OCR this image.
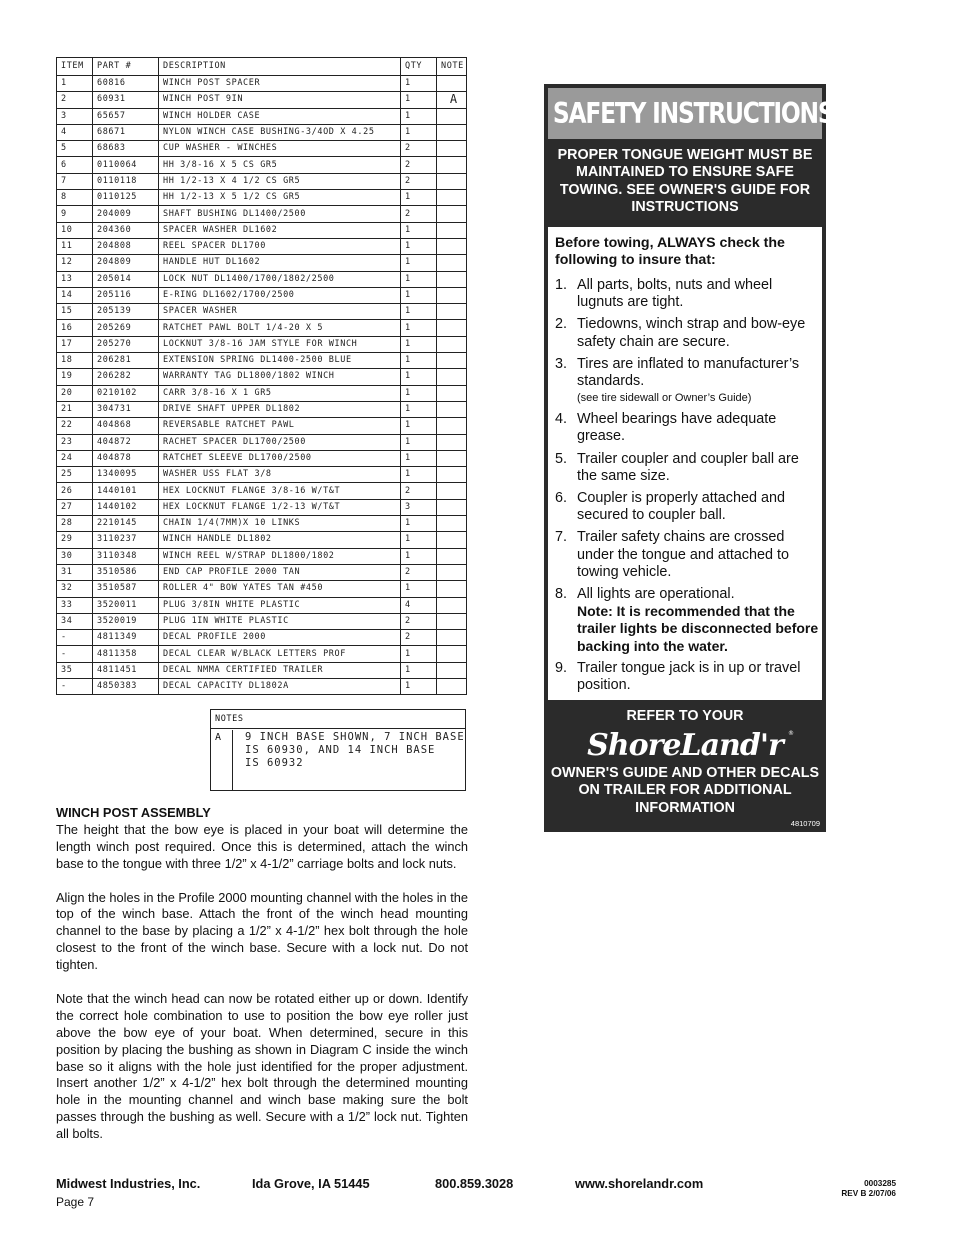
ITEM	PART #	DESCRIPTION	QTY	NOTE
1	60816	WINCH POST SPACER	1	
2	60931	WINCH POST 9IN	1	A
3	65657	WINCH HOLDER CASE	1	
4	68671	NYLON WINCH CASE BUSHING-3/4OD X 4.25	1	
5	68683	CUP WASHER - WINCHES	2	
6	0110064	HH 3/8-16 X 5 CS GR5	2	
7	0110118	HH 1/2-13 X 4 1/2 CS GR5	2	
8	0110125	HH 1/2-13 X 5 1/2 CS GR5	1	
9	204009	SHAFT BUSHING DL1400/2500	2	
10	204360	SPACER WASHER DL1602	1	
11	204808	REEL SPACER DL1700	1	
12	204809	HANDLE HUT DL1602	1	
13	205014	LOCK NUT DL1400/1700/1802/2500	1	
14	205116	E-RING DL1602/1700/2500	1	
15	205139	SPACER WASHER	1	
16	205269	RATCHET PAWL BOLT 1/4-20 X 5	1	
17	205270	LOCKNUT 3/8-16 JAM STYLE FOR WINCH	1	
18	206281	EXTENSION SPRING DL1400-2500 BLUE	1	
19	206282	WARRANTY TAG DL1800/1802 WINCH	1	
20	0210102	CARR 3/8-16 X 1 GR5	1	
21	304731	DRIVE SHAFT UPPER DL1802	1	
22	404868	REVERSABLE RATCHET PAWL	1	
23	404872	RACHET SPACER DL1700/2500	1	
24	404878	RATCHET SLEEVE DL1700/2500	1	
25	1340095	WASHER USS FLAT 3/8	1	
26	1440101	HEX LOCKNUT FLANGE 3/8-16 W/T&T	2	
27	1440102	HEX LOCKNUT FLANGE 1/2-13 W/T&T	3	
28	2210145	CHAIN 1/4(7MM)X 10 LINKS	1	
29	3110237	WINCH HANDLE DL1802	1	
30	3110348	WINCH REEL W/STRAP DL1800/1802	1	
31	3510586	END CAP PROFILE 2000 TAN	2	
32	3510587	ROLLER 4" BOW YATES TAN #450	1	
33	3520011	PLUG 3/8IN WHITE PLASTIC	4	
34	3520019	PLUG 1IN WHITE PLASTIC	2	
-	4811349	DECAL PROFILE 2000	2	
-	4811358	DECAL CLEAR W/BLACK LETTERS PROF	1	
35	4811451	DECAL NMMA CERTIFIED TRAILER	1	
-	4850383	DECAL CAPACITY DL1802A	1	
NOTES
A	9 INCH BASE SHOWN, 7 INCH BASE
IS 60930, AND 14 INCH BASE
IS 60932
WINCH POST ASSEMBLY

The height that the bow eye is placed in your boat will determine the length winch post required. Once this is determined, attach the winch base to the tongue with three 1/2” x 4-1/2” carriage bolts and lock nuts.

Align the holes in the Profile 2000 mounting channel with the holes in the top of the winch base. Attach the front of the winch head mounting channel to the base by placing a 1/2” x 4-1/2” hex bolt through the hole closest to the front of the winch base. Secure with a lock nut. Do not tighten.

Note that the winch head can now be rotated either up or down. Identify the correct hole combination to use to position the bow eye roller just above the bow eye of your boat. When determined, secure in this position by placing the bushing as shown in Diagram C inside the winch base so it aligns with the hole just identified for the proper adjustment. Insert another 1/2” x 4-1/2” hex bolt through the determined mounting hole in the mounting channel and winch base making sure the bolt passes through the bushing as well. Secure with a 1/2” lock nut. Tighten all bolts.

SAFETY INSTRUCTIONS
PROPER TONGUE WEIGHT MUST BE MAINTAINED TO ENSURE SAFE TOWING. SEE OWNER'S GUIDE FOR INSTRUCTIONS
Before towing, ALWAYS check the following to insure that:
1. All parts, bolts, nuts and wheel lugnuts are tight.
2. Tiedowns, winch strap and bow-eye safety chain are secure.
3. Tires are inflated to manufacturer’s standards.
(see tire sidewall or Owner’s Guide)
4. Wheel bearings have adequate grease.
5. Trailer coupler and coupler ball are the same size.
6. Coupler is properly attached and secured to coupler ball.
7. Trailer safety chains are crossed under the tongue and attached to towing vehicle.
8. All lights are operational.
Note: It is recommended that the trailer lights be disconnected before backing into the water.
9. Trailer tongue jack is in up or travel position.
REFER TO YOUR
ShoreLand'r ®
OWNER'S GUIDE AND OTHER DECALS ON TRAILER FOR ADDITIONAL INFORMATION
4810709
Midwest Industries, Inc.	Ida Grove, IA 51445	800.859.3028	www.shorelandr.com
Page 7
0003285
REV B 2/07/06
